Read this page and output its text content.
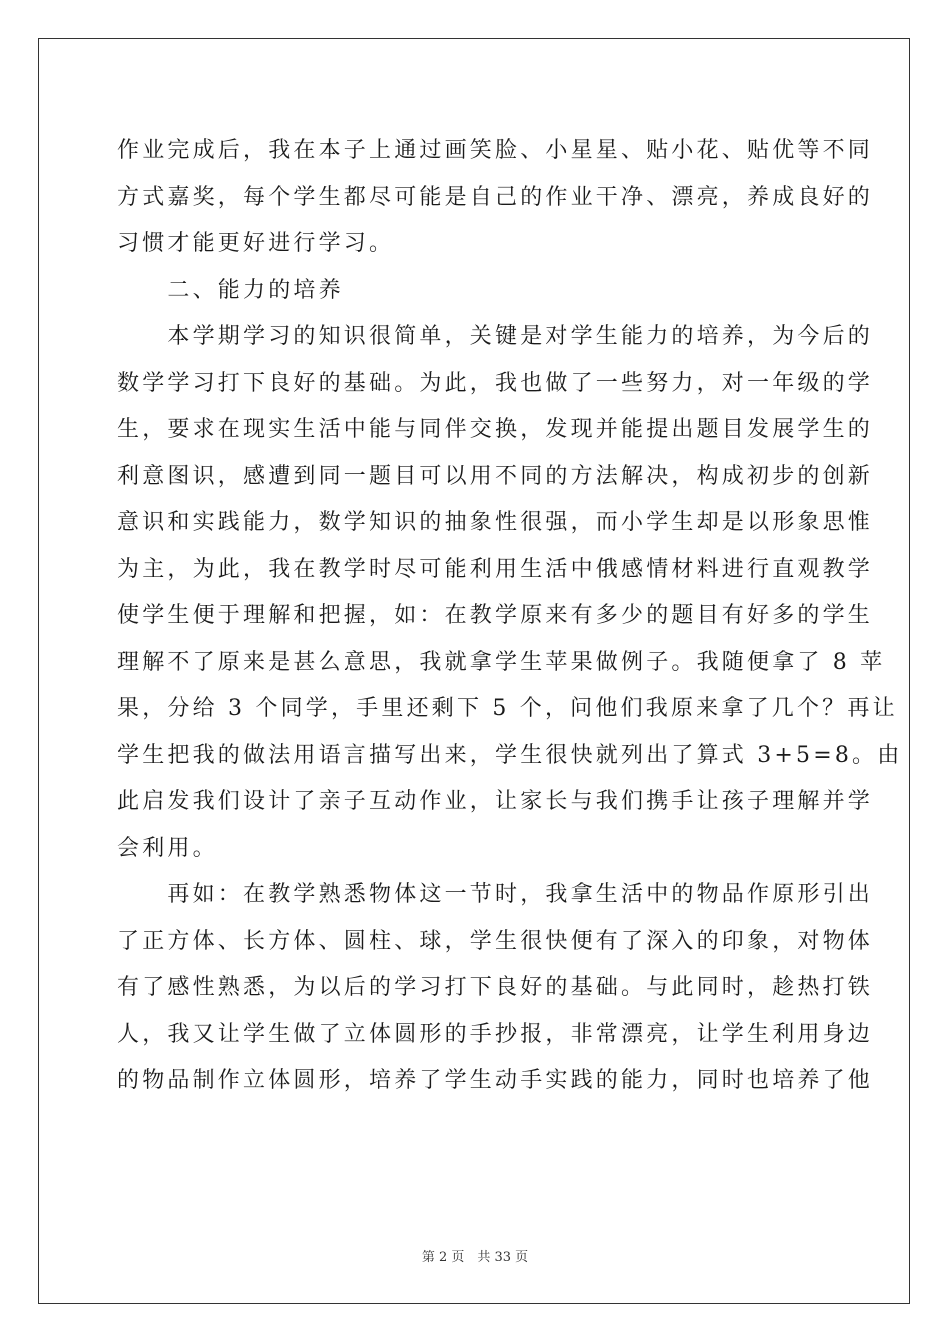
作业完成后，我在本子上通过画笑脸、小星星、贴小花、贴优等不同
方式嘉奖，每个学生都尽可能是自己的作业干净、漂亮，养成良好的
习惯才能更好进行学习。
　　二、能力的培养
　　本学期学习的知识很简单，关键是对学生能力的培养，为今后的
数学学习打下良好的基础。为此，我也做了一些努力，对一年级的学
生，要求在现实生活中能与同伴交换，发现并能提出题目发展学生的
利意图识，感遭到同一题目可以用不同的方法解决，构成初步的创新
意识和实践能力，数学知识的抽象性很强，而小学生却是以形象思惟
为主，为此，我在教学时尽可能利用生活中俄感情材料进行直观教学
使学生便于理解和把握，如：在教学原来有多少的题目有好多的学生
理解不了原来是甚么意思，我就拿学生苹果做例子。我随便拿了 8 苹
果，分给 3 个同学，手里还剩下 5 个，问他们我原来拿了几个？再让
学生把我的做法用语言描写出来，学生很快就列出了算式 3+5=8。由
此启发我们设计了亲子互动作业，让家长与我们携手让孩子理解并学
会利用。
　　再如：在教学熟悉物体这一节时，我拿生活中的物品作原形引出
了正方体、长方体、圆柱、球，学生很快便有了深入的印象，对物体
有了感性熟悉，为以后的学习打下良好的基础。与此同时，趁热打铁
人，我又让学生做了立体圆形的手抄报，非常漂亮，让学生利用身边
的物品制作立体圆形，培养了学生动手实践的能力，同时也培养了他
第 2 页　共 33 页
